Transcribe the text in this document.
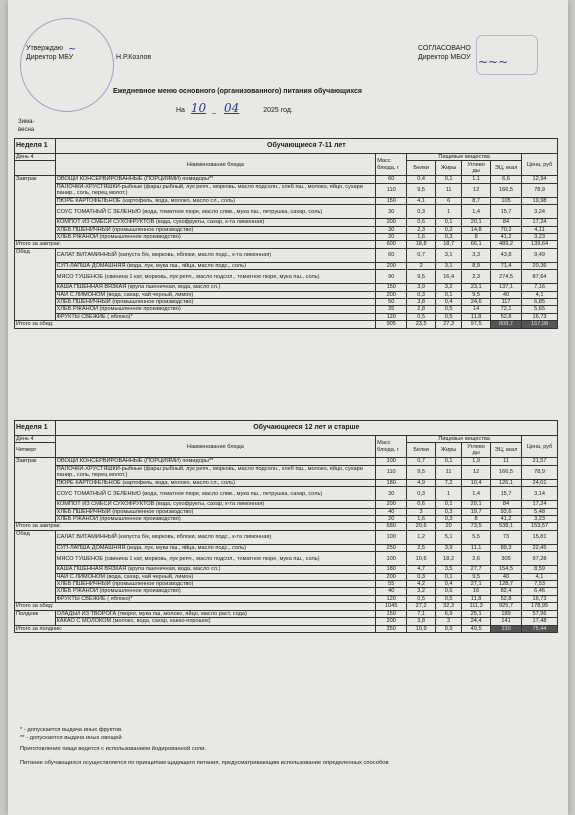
Утверждаю
Директор МБУ	Н.Р.Козлов
~	СОГЛАСОВАНО
Директор МБОУ ~~~
Ежедневное меню основного (организованного) питания обучающихся
На 10 _ 04	2025 год.
Зима-весна
Неделя 1	Обучающиеся 7-11 лет						
День 4	Наименование блюда	Масс блюда, г	Пищевые вещества				Цена, руб
			Белки	Жиры	Углево ды	ЭЦ, ккал	
Завтрак	ОВОЩИ КОНСЕРВИРОВАННЫЕ (ПОРЦИЯМИ) помидоры**	60	0,4	0,1	1,1	6,6	12,94
	ПАЛОЧКИ-ХРУСТЯШКИ-рыбные (фарш рыбный, лук репч., морковь, масло подсолн., хлеб пш., молоко, яйцо, сухари панир., соль, перец молот.)	110	9,5	11	12	166,5	78,9
	ПЮРЕ КАРТОФЕЛЬНОЕ (картофель, вода, молоко, масло сл., соль)	150	4,1	6	8,7	105	19,98
	СОУС ТОМАТНЫЙ С ЗЕЛЕНЬЮ (вода, томатное пюре, масло слив., мука пш., петрушка, сахар, соль)	30	0,3	1	1,4	15,7	3,24
	КОМПОТ ИЗ СМЕСИ СУХОФРУКТОВ (вода, сухофрукты, сахар, к-та лимонная)	200	0,6	0,1	20,1	84	17,24
	ХЛЕБ ПШЕНИЧНЫЙ (промышленное производство)	30	2,3	0,2	14,8	70,2	4,11
	ХЛЕБ РЖАНОЙ (промышленное производство)	20	1,6	0,3	8	41,2	3,23
Итого за завтрак:		600	18,8	18,7	66,1	489,2	139,64
Обед	САЛАТ ВИТАМИННЫЙ (капуста б/к, морковь, яблоки, масло подс., к-та лимонная)	60	0,7	3,1	3,3	43,8	9,49
	СУП-ЛАПША ДОМАШНЯЯ (вода, лук, мука пш., яйца, масло подс., соль)	200	2	3,1	8,9	71,4	20,36
	МЯСО ТУШЕНОЕ (свинина 1 кат, морковь, лук репч., масло подсол., томатное пюре, мука пш., соль)	90	9,5	16,4	2,3	274,5	87,64
	КАША ПШЕННАЯ ВЯЗКАЯ (крупа пшеничная, вода, масло сл.)	150	3,9	3,2	23,1	137,1	7,16
	ЧАЙ С ЛИМОНОМ (вода, сахар, чай черный, лимон)	200	0,3	0,1	9,5	40	4,1
	ХЛЕБ ПШЕНИЧНЫЙ (промышленное производство)	50	3,8	0,4	24,6	117	6,85
	ХЛЕБ РЖАНОЙ (промышленное производство)	35	2,8	0,5	14	72,1	5,65
	ФРУКТЫ СВЕЖИЕ ( яблоко)*	120	0,5	0,5	11,8	52,8	16,73
Итого за обед:		905	23,5	27,3	97,5	808,7	157,98
Неделя 1	Обучающиеся 12 лет и старше						
День 4	Наименование блюда	Масс блюда, г	Пищевые вещества				Цена, руб
Четверг			Белки	Жиры	Углево ды	ЭЦ, ккал	
Завтрак	ОВОЩИ КОНСЕРВИРОВАННЫЕ (ПОРЦИЯМИ) помидоры**	100	0,7	0,1	1,9	11	21,57
	ПАЛОЧКИ-ХРУСТЯШКИ-рыбные (фарш рыбный, лук репч., морковь, масло подсолн., хлеб пш., молоко, яйцо, сухари панир., соль, перец молот.)	110	9,5	11	12	166,5	78,9
	ПЮРЕ КАРТОФЕЛЬНОЕ (картофель, вода, молоко, масло сл., соль)	180	4,9	7,2	10,4	126,1	24,01
	СОУС ТОМАТНЫЙ С ЗЕЛЕНЬЮ (вода, томатное пюре, масло слив., мука пш., петрушка, сахар, соль)	30	0,3	1	1,4	15,7	3,14
	КОМПОТ ИЗ СМЕСИ СУХОФРУКТОВ (вода, сухофрукты, сахар, к-та лимонная)	200	0,6	0,1	20,1	84	17,24
	ХЛЕБ ПШЕНИЧНЫЙ (промышленное производство)	40	3	0,3	19,7	93,6	5,48
	ХЛЕБ РЖАНОЙ (промышленное производство)	20	1,6	0,3	8	41,2	3,23
Итого за завтрак:		680	20,6	20	73,5	538,1	153,57
Обед	САЛАТ ВИТАМИННЫЙ (капуста б/к, морковь, яблоки, масло подс., к-та лимонная)	100	1,2	5,1	5,5	73	15,81
	СУП-ЛАПША ДОМАШНЯЯ (вода, лук, мука пш., яйца, масло подс., соль)	250	2,5	3,9	11,1	89,3	22,45
	МЯСО ТУШЕНОЕ (свинина 1 кат, морковь, лук репч., масло подсол., томатное пюре, мука пш., соль)	100	10,6	18,2	2,6	305	97,28
	КАША ПШЕННАЯ ВЯЗКАЯ (крупа пшеничная, вода, масло сл.)	180	4,7	3,5	27,7	154,5	8,59
	ЧАЙ С ЛИМОНОМ (вода, сахар, чай черный, лимон)	200	0,3	0,1	9,5	40	4,1
	ХЛЕБ ПШЕНИЧНЫЙ (промышленное производство)	55	4,2	0,4	27,1	128,7	7,53
	ХЛЕБ РЖАНОЙ (промышленное производство)	40	3,2	0,6	16	82,4	6,46
	ФРУКТЫ СВЕЖИЕ ( яблоко)*	120	0,5	0,5	11,8	52,8	16,73
Итого за обед:		1045	27,2	32,3	111,3	925,7	178,95
Полдник	ОЛАДЬИ ИЗ ТВОРОГА (творог, мука пш, молоко, яйцо, масло раст, сода)	150	7,1	6,9	25,1	189	57,96
	КАКАО С МОЛОКОМ (молоко, вода, сахар, какао-порошок)	200	3,8	3	24,4	141	17,48
Итого за полдник:		350	10,9	9,9	49,5	330	75,44
* - допускается выдача иных фруктов.
** - допускается выдача иных овощей
Приготовление пищи ведется с использованием йодированной соли.
Питание обучающихся осуществляется по принципам щадящего питания, предусматривающим использование определенных способов
